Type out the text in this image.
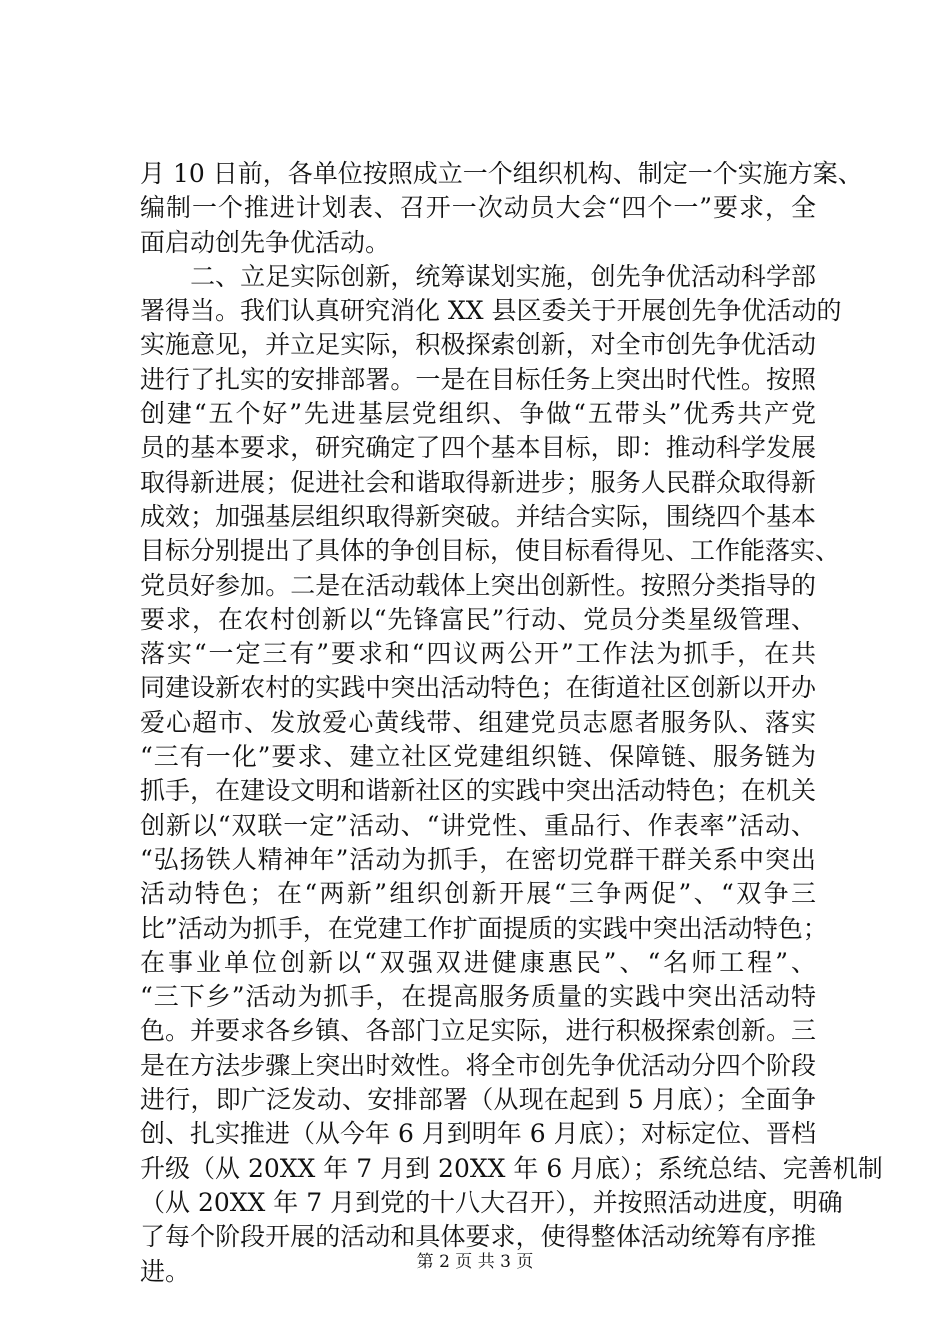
月 10 日前，各单位按照成立一个组织机构、制定一个实施方案、
编制一个推进计划表、召开一次动员大会“四个一”要求，全
面启动创先争优活动。
　　二、立足实际创新，统筹谋划实施，创先争优活动科学部
署得当。我们认真研究消化 XX 县区委关于开展创先争优活动的
实施意见，并立足实际，积极探索创新，对全市创先争优活动
进行了扎实的安排部署。一是在目标任务上突出时代性。按照
创建“五个好”先进基层党组织、争做“五带头”优秀共产党
员的基本要求，研究确定了四个基本目标，即：推动科学发展
取得新进展；促进社会和谐取得新进步；服务人民群众取得新
成效；加强基层组织取得新突破。并结合实际，围绕四个基本
目标分别提出了具体的争创目标，使目标看得见、工作能落实、
党员好参加。二是在活动载体上突出创新性。按照分类指导的
要求，在农村创新以“先锋富民”行动、党员分类星级管理、
落实“一定三有”要求和“四议两公开”工作法为抓手，在共
同建设新农村的实践中突出活动特色；在街道社区创新以开办
爱心超市、发放爱心黄线带、组建党员志愿者服务队、落实
“三有一化”要求、建立社区党建组织链、保障链、服务链为
抓手，在建设文明和谐新社区的实践中突出活动特色；在机关
创新以“双联一定”活动、“讲党性、重品行、作表率”活动、
“弘扬铁人精神年”活动为抓手，在密切党群干群关系中突出
活动特色；在“两新”组织创新开展“三争两促”、“双争三
比”活动为抓手，在党建工作扩面提质的实践中突出活动特色；
在事业单位创新以“双强双进健康惠民”、“名师工程”、
“三下乡”活动为抓手，在提高服务质量的实践中突出活动特
色。并要求各乡镇、各部门立足实际，进行积极探索创新。三
是在方法步骤上突出时效性。将全市创先争优活动分四个阶段
进行，即广泛发动、安排部署（从现在起到 5 月底）；全面争
创、扎实推进（从今年 6 月到明年 6 月底）；对标定位、晋档
升级（从 20XX 年 7 月到 20XX 年 6 月底）；系统总结、完善机制
（从 20XX 年 7 月到党的十八大召开），并按照活动进度，明确
了每个阶段开展的活动和具体要求，使得整体活动统筹有序推
进。	第 2 页 共 3 页
